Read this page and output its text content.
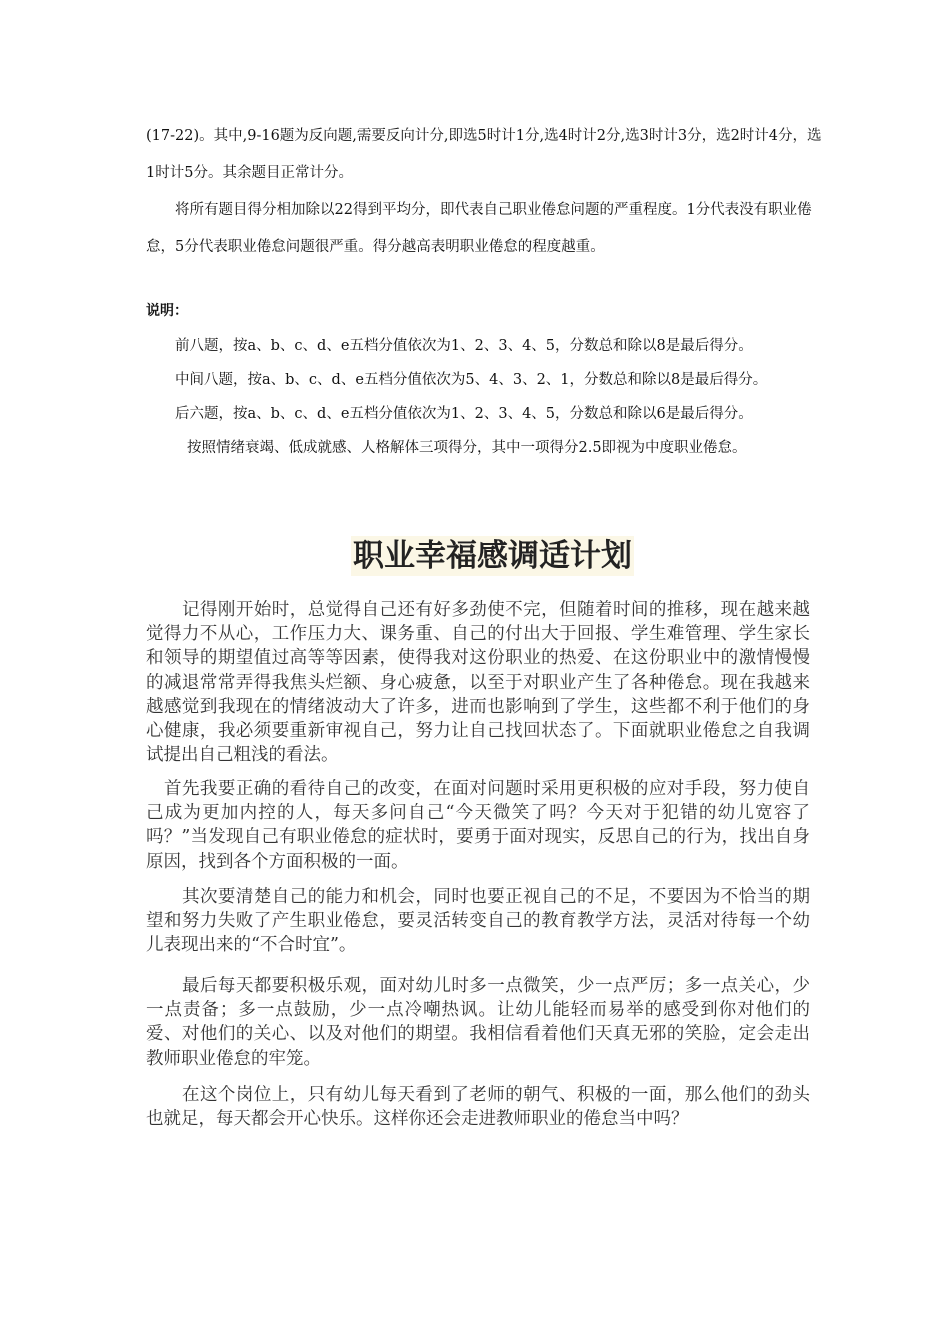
(17-22)。其中,9-16题为反向题,需要反向计分,即选5时计1分,选4时计2分,选3时计3分，选2时计4分，选1时计5分。其余题目正常计分。

将所有题目得分相加除以22得到平均分，即代表自己职业倦怠问题的严重程度。1分代表没有职业倦怠，5分代表职业倦怠问题很严重。得分越高表明职业倦怠的程度越重。

说明：
前八题，按a、b、c、d、e五档分值依次为1、2、3、4、5，分数总和除以8是最后得分。
中间八题，按a、b、c、d、e五档分值依次为5、4、3、2、1，分数总和除以8是最后得分。
后六题，按a、b、c、d、e五档分值依次为1、2、3、4、5，分数总和除以6是最后得分。
按照情绪衰竭、低成就感、人格解体三项得分，其中一项得分2.5即视为中度职业倦怠。
职业幸福感调适计划

记得刚开始时，总觉得自己还有好多劲使不完，但随着时间的推移，现在越来越觉得力不从心，工作压力大、课务重、自己的付出大于回报、学生难管理、学生家长和领导的期望值过高等等因素，使得我对这份职业的热爱、在这份职业中的激情慢慢的减退常常弄得我焦头烂额、身心疲惫，以至于对职业产生了各种倦怠。现在我越来越感觉到我现在的情绪波动大了许多，进而也影响到了学生，这些都不利于他们的身心健康，我必须要重新审视自己，努力让自己找回状态了。下面就职业倦怠之自我调试提出自己粗浅的看法。

首先我要正确的看待自己的改变，在面对问题时采用更积极的应对手段，努力使自己成为更加内控的人，每天多问自己“今天微笑了吗？今天对于犯错的幼儿宽容了吗？”当发现自己有职业倦怠的症状时，要勇于面对现实，反思自己的行为，找出自身原因，找到各个方面积极的一面。

其次要清楚自己的能力和机会，同时也要正视自己的不足，不要因为不恰当的期望和努力失败了产生职业倦怠，要灵活转变自己的教育教学方法，灵活对待每一个幼儿表现出来的“不合时宜”。

最后每天都要积极乐观，面对幼儿时多一点微笑，少一点严厉；多一点关心，少一点责备；多一点鼓励，少一点冷嘲热讽。让幼儿能轻而易举的感受到你对他们的爱、对他们的关心、以及对他们的期望。我相信看着他们天真无邪的笑脸，定会走出教师职业倦怠的牢笼。

在这个岗位上，只有幼儿每天看到了老师的朝气、积极的一面，那么他们的劲头也就足，每天都会开心快乐。这样你还会走进教师职业的倦怠当中吗？
